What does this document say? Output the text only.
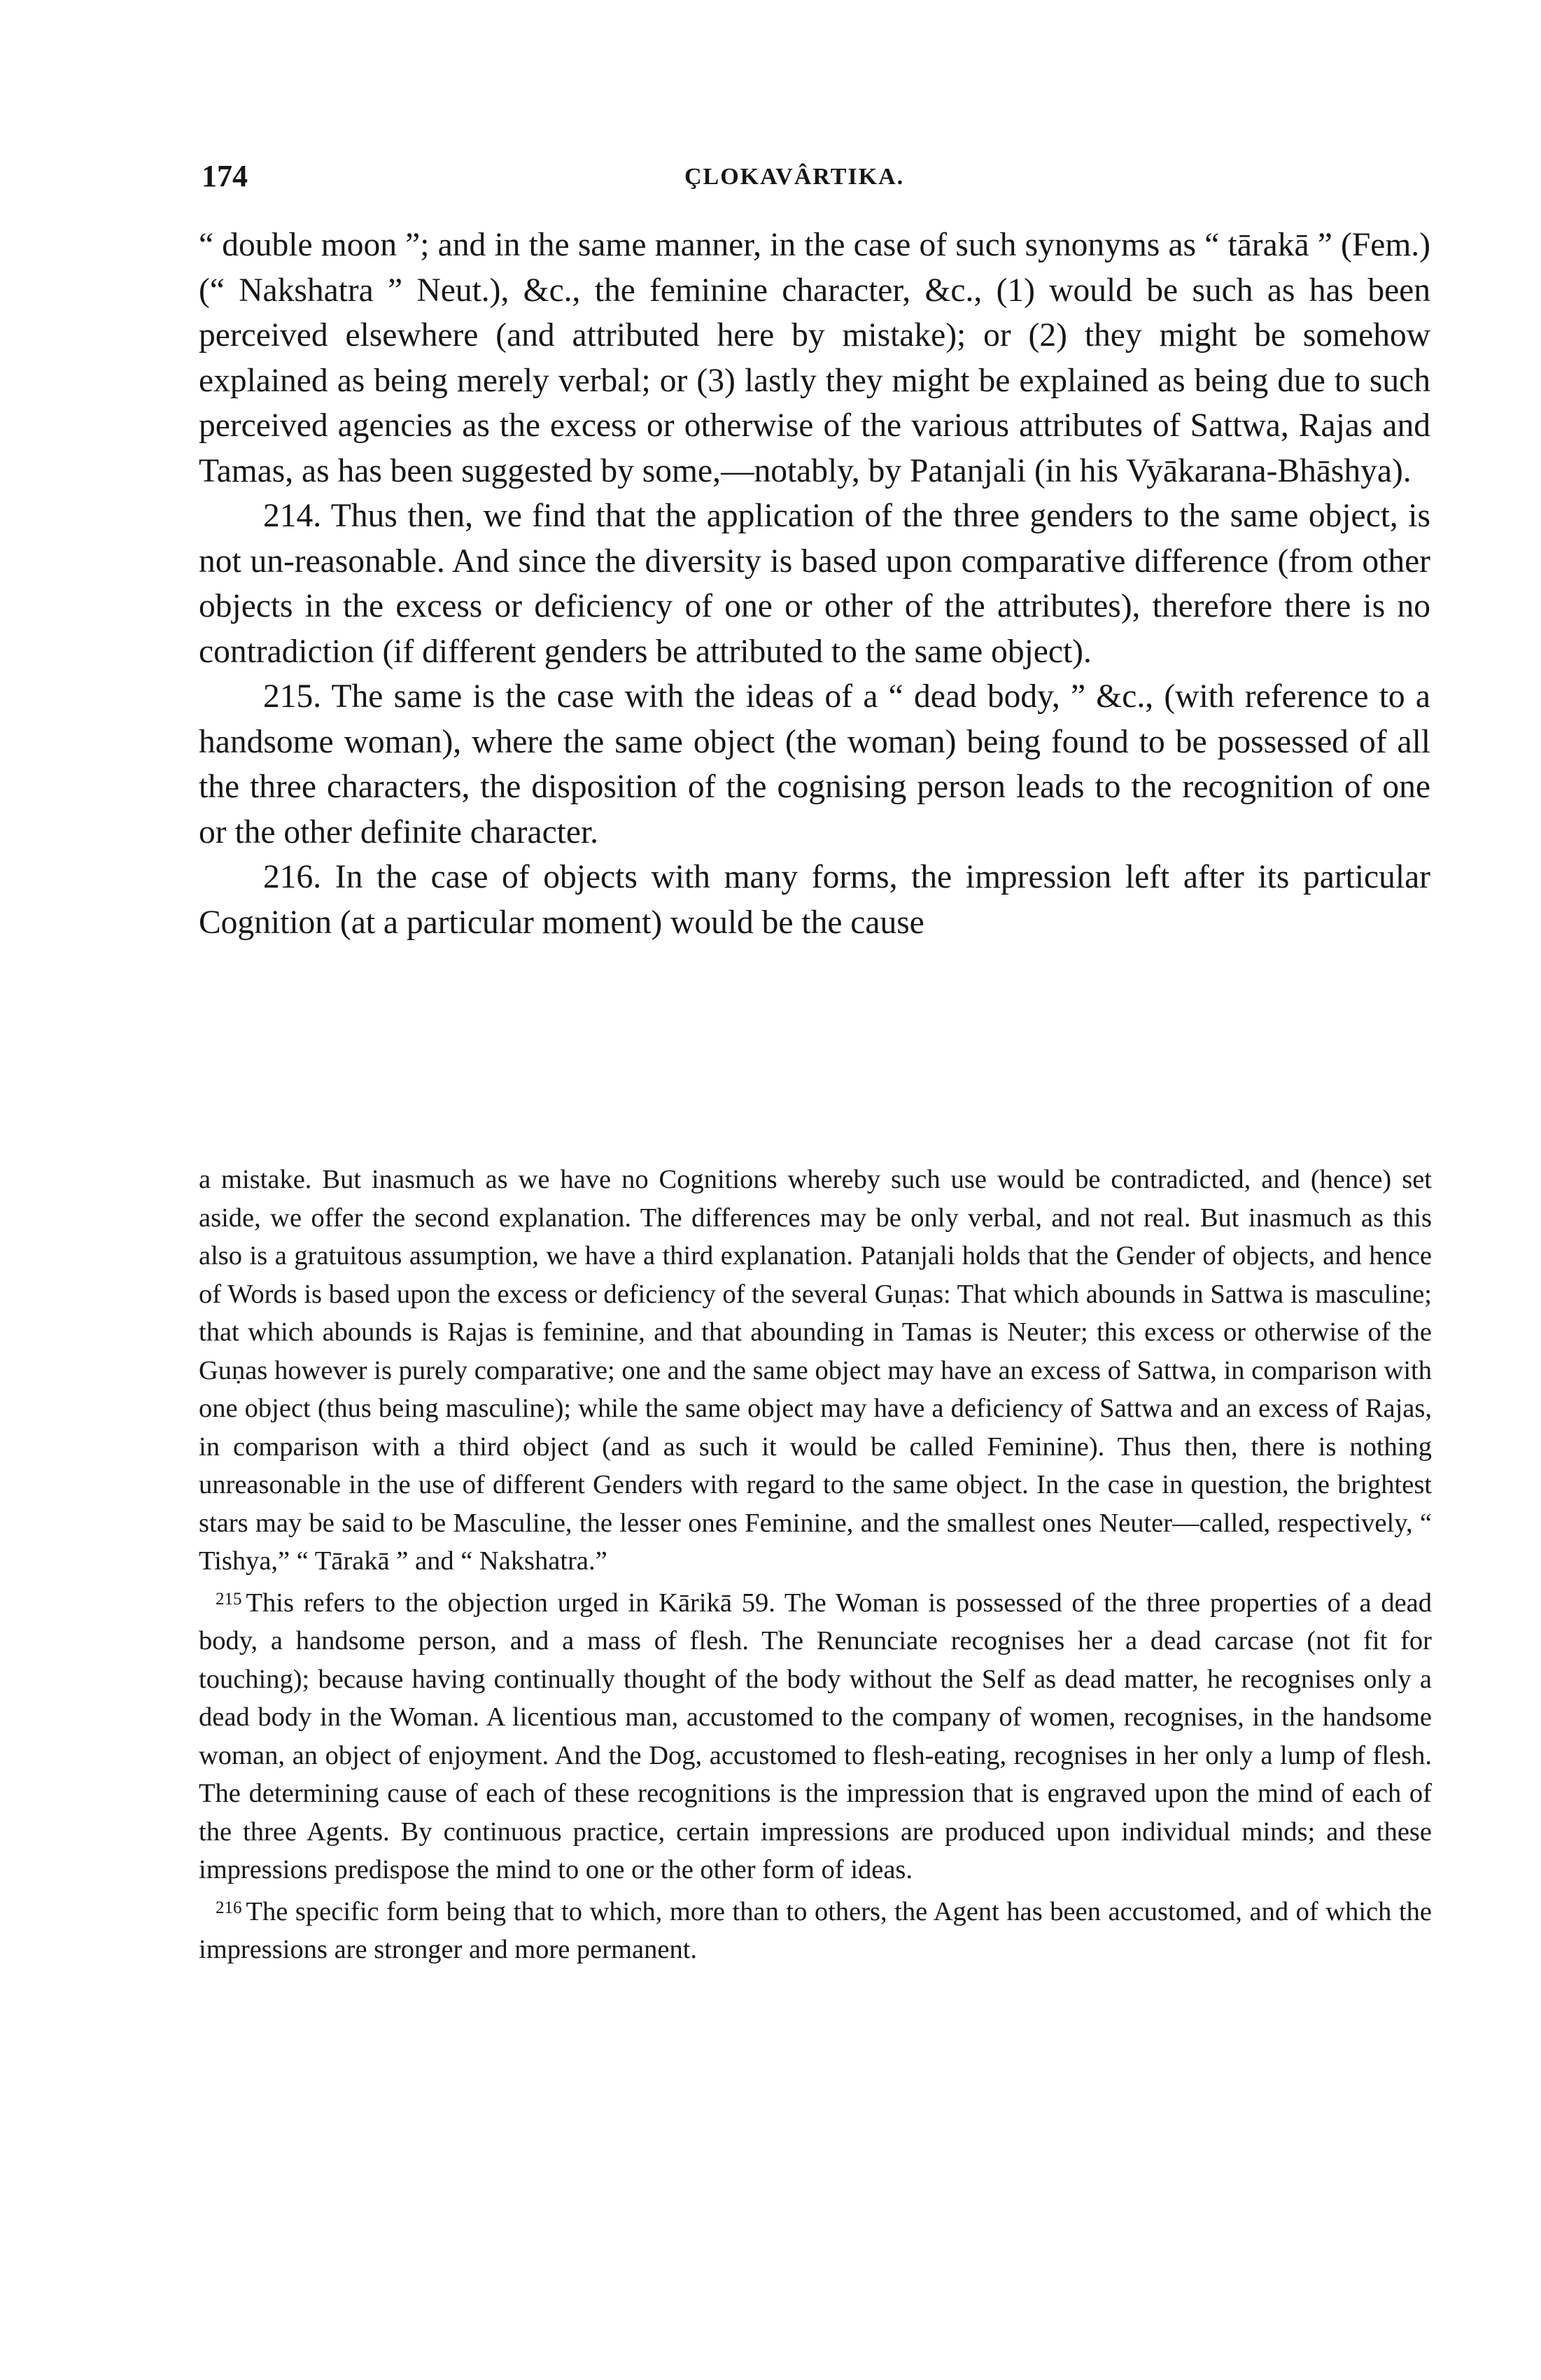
174	ÇLOKAVÂRTIKA.

“ double moon ”; and in the same manner, in the case of such synonyms as “ tārakā ” (Fem.) (“ Nakshatra ” Neut.), &c., the feminine character, &c., (1) would be such as has been perceived elsewhere (and attributed here by mistake); or (2) they might be somehow explained as being merely verbal; or (3) lastly they might be explained as being due to such perceived agencies as the excess or otherwise of the various attributes of Sattwa, Rajas and Tamas, as has been suggested by some,—notably, by Patanjali (in his Vyākarana-Bhāshya).

214. Thus then, we find that the application of the three genders to the same object, is not un-reasonable. And since the diversity is based upon comparative difference (from other objects in the excess or deficiency of one or other of the attributes), therefore there is no contradiction (if different genders be attributed to the same object).

215. The same is the case with the ideas of a “ dead body, ” &c., (with reference to a handsome woman), where the same object (the woman) being found to be possessed of all the three characters, the disposition of the cognising person leads to the recognition of one or the other definite character.

216. In the case of objects with many forms, the impression left after its particular Cognition (at a particular moment) would be the cause

a mistake. But inasmuch as we have no Cognitions whereby such use would be contradicted, and (hence) set aside, we offer the second explanation. The differences may be only verbal, and not real. But inasmuch as this also is a gratuitous assumption, we have a third explanation. Patanjali holds that the Gender of objects, and hence of Words is based upon the excess or deficiency of the several Guṇas: That which abounds in Sattwa is masculine; that which abounds is Rajas is feminine, and that abounding in Tamas is Neuter; this excess or otherwise of the Guṇas however is purely comparative; one and the same object may have an excess of Sattwa, in comparison with one object (thus being masculine); while the same object may have a deficiency of Sattwa and an excess of Rajas, in comparison with a third object (and as such it would be called Feminine). Thus then, there is nothing unreasonable in the use of different Genders with regard to the same object. In the case in question, the brightest stars may be said to be Masculine, the lesser ones Feminine, and the smallest ones Neuter—called, respectively, “ Tishya,” “ Tārakā ” and “ Nakshatra.”

$^{215}$ This refers to the objection urged in Kārikā 59. The Woman is possessed of the three properties of a dead body, a handsome person, and a mass of flesh. The Renunciate recognises her a dead carcase (not fit for touching); because having continually thought of the body without the Self as dead matter, he recognises only a dead body in the Woman. A licentious man, accustomed to the company of women, recognises, in the handsome woman, an object of enjoyment. And the Dog, accustomed to flesh-eating, recognises in her only a lump of flesh. The determining cause of each of these recognitions is the impression that is engraved upon the mind of each of the three Agents. By continuous practice, certain impressions are produced upon individual minds; and these impressions predispose the mind to one or the other form of ideas.

$^{216}$ The specific form being that to which, more than to others, the Agent has been accustomed, and of which the impressions are stronger and more permanent.
